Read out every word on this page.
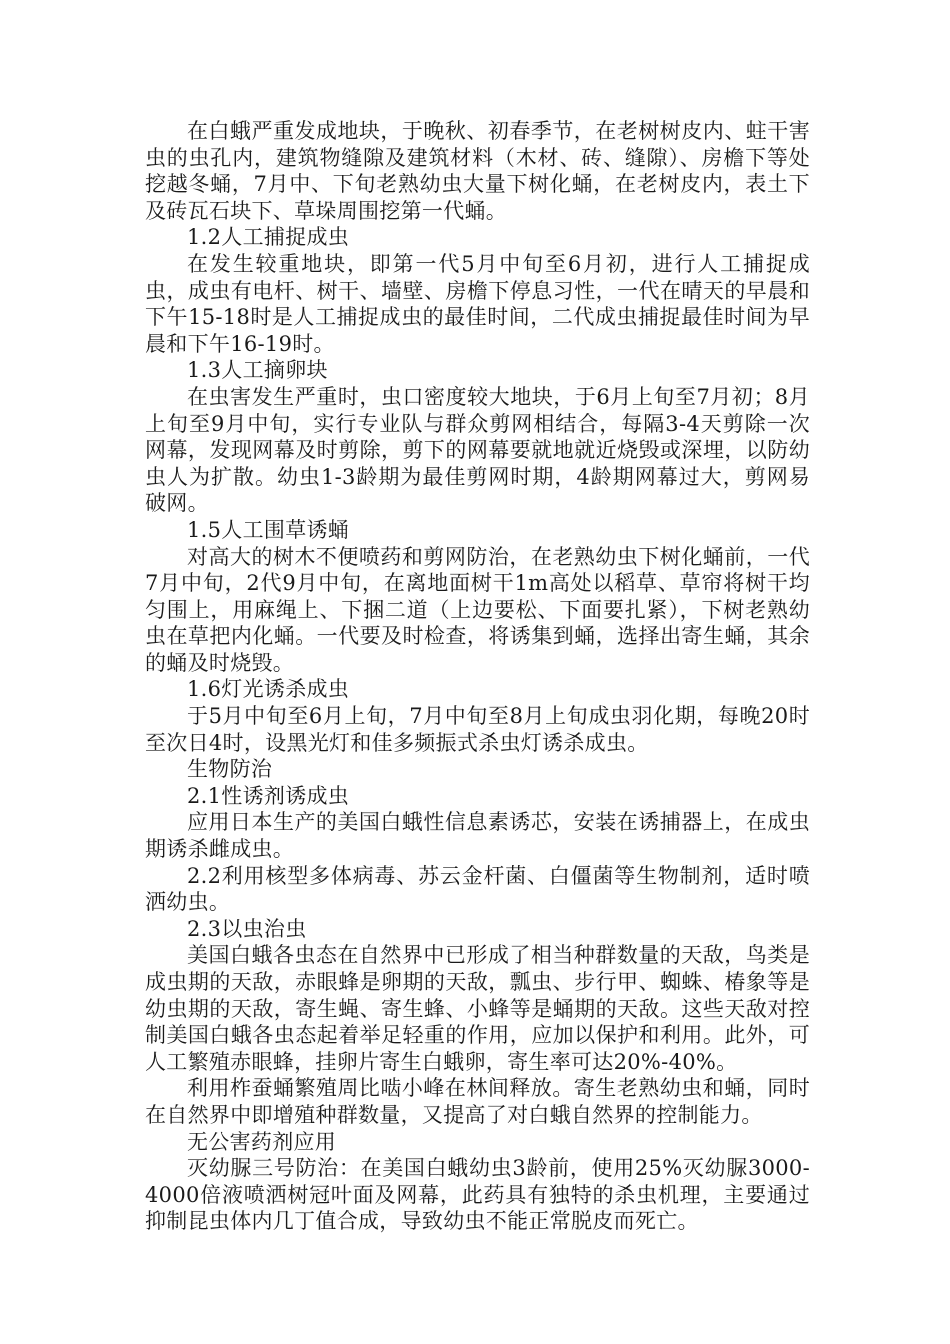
在白蛾严重发成地块，于晚秋、初春季节，在老树树皮内、蛀干害虫的虫孔内，建筑物缝隙及建筑材料（木材、砖、缝隙）、房檐下等处挖越冬蛹，7月中、下旬老熟幼虫大量下树化蛹，在老树皮内，表土下及砖瓦石块下、草垛周围挖第一代蛹。

1.2人工捕捉成虫

在发生较重地块，即第一代5月中旬至6月初，进行人工捕捉成虫，成虫有电杆、树干、墙壁、房檐下停息习性，一代在晴天的早晨和下午15-18时是人工捕捉成虫的最佳时间，二代成虫捕捉最佳时间为早晨和下午16-19时。

1.3人工摘卵块

在虫害发生严重时，虫口密度较大地块，于6月上旬至7月初；8月上旬至9月中旬，实行专业队与群众剪网相结合，每隔3-4天剪除一次网幕，发现网幕及时剪除，剪下的网幕要就地就近烧毁或深埋，以防幼虫人为扩散。幼虫1-3龄期为最佳剪网时期，4龄期网幕过大，剪网易破网。

1.5人工围草诱蛹

对高大的树木不便喷药和剪网防治，在老熟幼虫下树化蛹前，一代7月中旬，2代9月中旬，在离地面树干1m高处以稻草、草帘将树干均匀围上，用麻绳上、下捆二道（上边要松、下面要扎紧），下树老熟幼虫在草把内化蛹。一代要及时检查，将诱集到蛹，选择出寄生蛹，其余的蛹及时烧毁。

1.6灯光诱杀成虫

于5月中旬至6月上旬，7月中旬至8月上旬成虫羽化期，每晚20时至次日4时，设黑光灯和佳多频振式杀虫灯诱杀成虫。

生物防治

2.1性诱剂诱成虫

应用日本生产的美国白蛾性信息素诱芯，安装在诱捕器上，在成虫期诱杀雌成虫。

2.2利用核型多体病毒、苏云金杆菌、白僵菌等生物制剂，适时喷洒幼虫。

2.3以虫治虫

美国白蛾各虫态在自然界中已形成了相当种群数量的天敌，鸟类是成虫期的天敌，赤眼蜂是卵期的天敌，瓢虫、步行甲、蜘蛛、椿象等是幼虫期的天敌，寄生蝇、寄生蜂、小蜂等是蛹期的天敌。这些天敌对控制美国白蛾各虫态起着举足轻重的作用，应加以保护和利用。此外，可人工繁殖赤眼蜂，挂卵片寄生白蛾卵，寄生率可达20%-40%。

利用柞蚕蛹繁殖周比啮小峰在林间释放。寄生老熟幼虫和蛹，同时在自然界中即增殖种群数量，又提高了对白蛾自然界的控制能力。

无公害药剂应用

灭幼脲三号防治：在美国白蛾幼虫3龄前，使用25%灭幼脲3000-4000倍液喷洒树冠叶面及网幕，此药具有独特的杀虫机理，主要通过抑制昆虫体内几丁值合成，导致幼虫不能正常脱皮而死亡。
